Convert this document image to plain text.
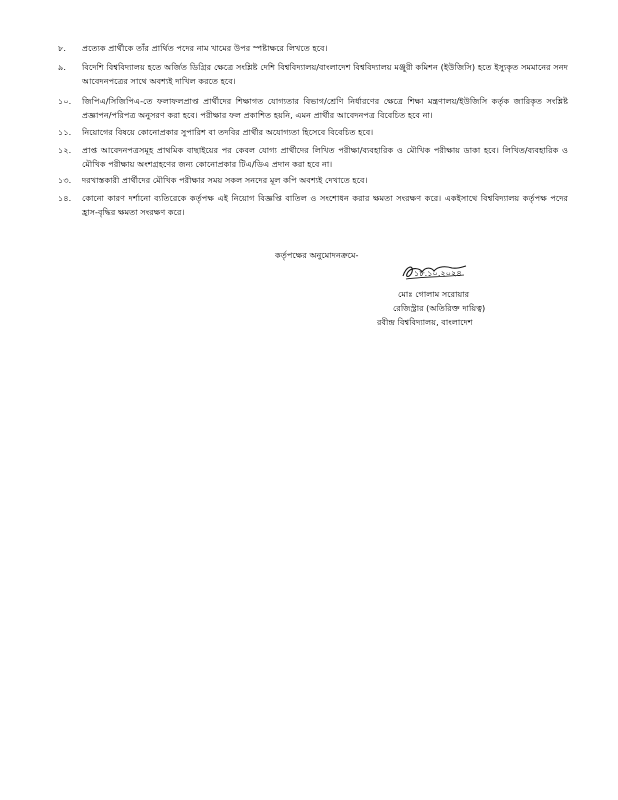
৮.	প্রত্যেক প্রার্থীকে তাঁর প্রার্থিত পদের নাম খামের উপর স্পষ্টাক্ষরে লিখতে হবে।
৯.	বিদেশি বিশ্ববিদ্যালয় হতে অর্জিত ডিগ্রির ক্ষেত্রে সংশ্লিষ্ট দেশি বিশ্ববিদ্যালয়/বাংলাদেশ বিশ্ববিদ্যালয় মঞ্জুরী কমিশন (ইউজিসি) হতে ইস্যুকৃত সমমানের সনদ আবেদনপত্রের সাথে অবশ্যই দাখিল করতে হবে।
১০.	জিপিএ/সিজিপিএ-তে ফলাফলপ্রাপ্ত প্রার্থীদের শিক্ষাগত যোগ্যতার বিভাগ/শ্রেণি নির্ধারণের ক্ষেত্রে শিক্ষা মন্ত্রণালয়/ইউজিসি কর্তৃক জারিকৃত সংশ্লিষ্ট প্রজ্ঞাপন/পরিপত্র অনুসরণ করা হবে। পরীক্ষার ফল প্রকাশিত হয়নি, এমন প্রার্থীর আবেদনপত্র বিবেচিত হবে না।
১১.	নিয়োগের বিষয়ে কোনোপ্রকার সুপারিশ বা তদবির প্রার্থীর অযোগ্যতা হিসেবে বিবেচিত হবে।
১২.	প্রাপ্ত আবেদনপত্রসমূহ প্রাথমিক বাছাইয়ের পর কেবল যোগ্য প্রার্থীদের লিখিত পরীক্ষা/ব্যবহারিক ও মৌখিক পরীক্ষায় ডাকা হবে। লিখিত/ব্যবহারিক ও মৌখিক পরীক্ষায় অংশগ্রহণের জন্য কোনোপ্রকার টিএ/ডিএ প্রদান করা হবে না।
১৩.	দরখাস্তকারী প্রার্থীদের মৌখিক পরীক্ষার সময় সকল সনদের মূল কপি অবশ্যই দেখাতে হবে।
১৪.	কোনো কারণ দর্শানো ব্যতিরেকে কর্তৃপক্ষ এই নিয়োগ বিজ্ঞপ্তি বাতিল ও সংশোধন করার ক্ষমতা সংরক্ষণ করে। একইসাথে বিশ্ববিদ্যালয় কর্তৃপক্ষ পদের হ্রাস-বৃদ্ধির ক্ষমতা সংরক্ষণ করে।
কর্তৃপক্ষের অনুমোদনক্রমে-
১৮.১০.২০২৪
মোঃ গোলাম সরোয়ার
রেজিস্ট্রার (অতিরিক্ত দায়িত্ব)
রবীন্দ্র বিশ্ববিদ্যালয়, বাংলাদেশ
